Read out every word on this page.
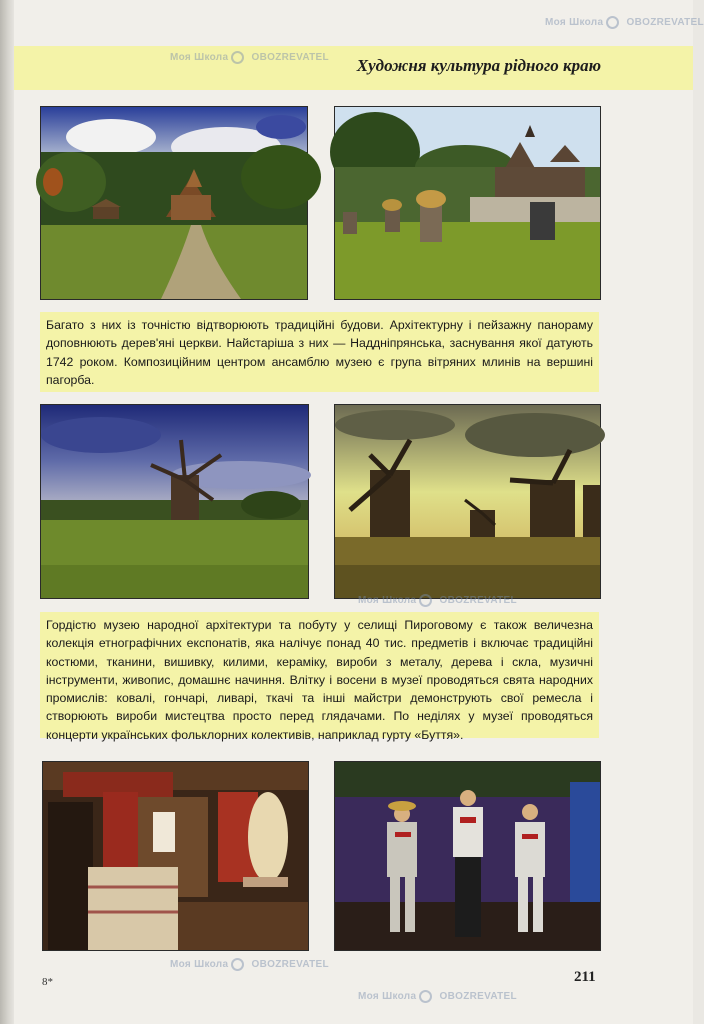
Художня культура рідного краю

Багато з них із точністю відтворюють традиційні будови. Архітектурну і пейзажну панораму доповнюють дерев'яні церкви. Найстаріша з них — Наддніпрянська, заснування якої датують 1742 роком. Композиційним центром ансамблю музею є група вітряних млинів на вершині пагорба.

Гордістю музею народної архітектури та побуту у селищі Пироговому є також величезна колекція етнографічних експонатів, яка налічує понад 40 тис. предметів і включає традиційні костюми, тканини, вишивку, килими, кераміку, вироби з металу, дерева і скла, музичні інструменти, живопис, домашнє начиння. Влітку і восени в музеї проводяться свята народних промислів: ковалі, гончарі, ливарі, ткачі та інші майстри демонструють свої ремесла і створюють вироби мистецтва просто перед глядачами. По неділях у музеї проводяться концерти українських фольклорних колективів, наприклад гурту «Буття».

8*	211
Моя Школа OBOZREVATEL
Моя Школа OBOZREVATEL
Моя Школа OBOZREVATEL
Моя Школа OBOZREVATEL
Моя Школа OBOZREVATEL
